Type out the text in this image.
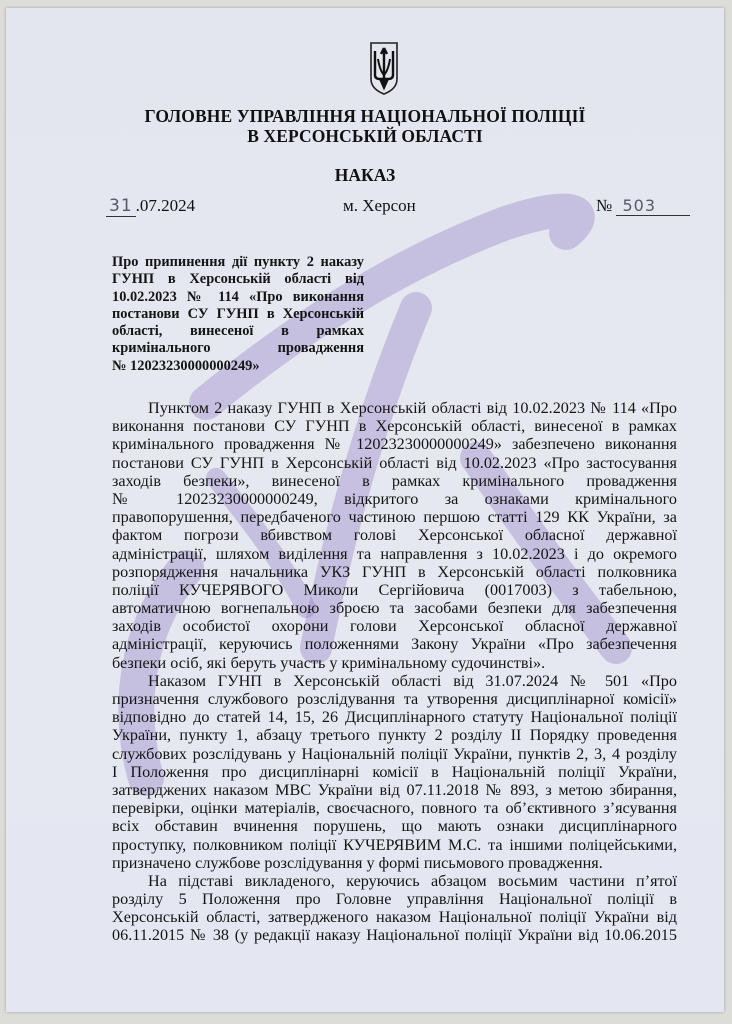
ГОЛОВНЕ УПРАВЛІННЯ НАЦІОНАЛЬНОЇ ПОЛІЦІЇ
В ХЕРСОНСЬКІЙ ОБЛАСТІ
НАКАЗ
31 .07.2024	м. Херсон	№ 503
Про припинення дії пункту 2 наказу
ГУНП в Херсонській області від
10.02.2023 № 114 «Про виконання
постанови СУ ГУНП в Херсонській
області, винесеної в рамках
кримінального провадження
№ 12023230000000249»
Пунктом 2 наказу ГУНП в Херсонській області від 10.02.2023 № 114 «Про
виконання постанови СУ ГУНП в Херсонській області, винесеної в рамках
кримінального провадження № 12023230000000249» забезпечено виконання
постанови СУ ГУНП в Херсонській області від 10.02.2023 «Про застосування
заходів безпеки», винесеної в рамках кримінального провадження
№ 12023230000000249, відкритого за ознаками кримінального
правопорушення, передбаченого частиною першою статті 129 КК України, за
фактом погрози вбивством голові Херсонської обласної державної
адміністрації, шляхом виділення та направлення з 10.02.2023 і до окремого
розпорядження начальника УКЗ ГУНП в Херсонській області полковника
поліції КУЧЕРЯВОГО Миколи Сергійовича (0017003) з табельною,
автоматичною вогнепальною зброєю та засобами безпеки для забезпечення
заходів особистої охорони голови Херсонської обласної державної
адміністрації, керуючись положеннями Закону України «Про забезпечення
безпеки осіб, які беруть участь у кримінальному судочинстві».
Наказом ГУНП в Херсонській області від 31.07.2024 № 501 «Про
призначення службового розслідування та утворення дисциплінарної комісії»
відповідно до статей 14, 15, 26 Дисциплінарного статуту Національної поліції
України, пункту 1, абзацу третього пункту 2 розділу ІІ Порядку проведення
службових розслідувань у Національній поліції України, пунктів 2, 3, 4 розділу
І Положення про дисциплінарні комісії в Національній поліції України,
затверджених наказом МВС України від 07.11.2018 № 893, з метою збирання,
перевірки, оцінки матеріалів, своєчасного, повного та об’єктивного з’ясування
всіх обставин вчинення порушень, що мають ознаки дисциплінарного
проступку, полковником поліції КУЧЕРЯВИМ М.С. та іншими поліцейськими,
призначено службове розслідування у формі письмового провадження.
На підставі викладеного, керуючись абзацом восьмим частини п’ятої
розділу 5 Положення про Головне управління Національної поліції в
Херсонській області, затвердженого наказом Національної поліції України від
06.11.2015 № 38 (у редакції наказу Національної поліції України від 10.06.2015
